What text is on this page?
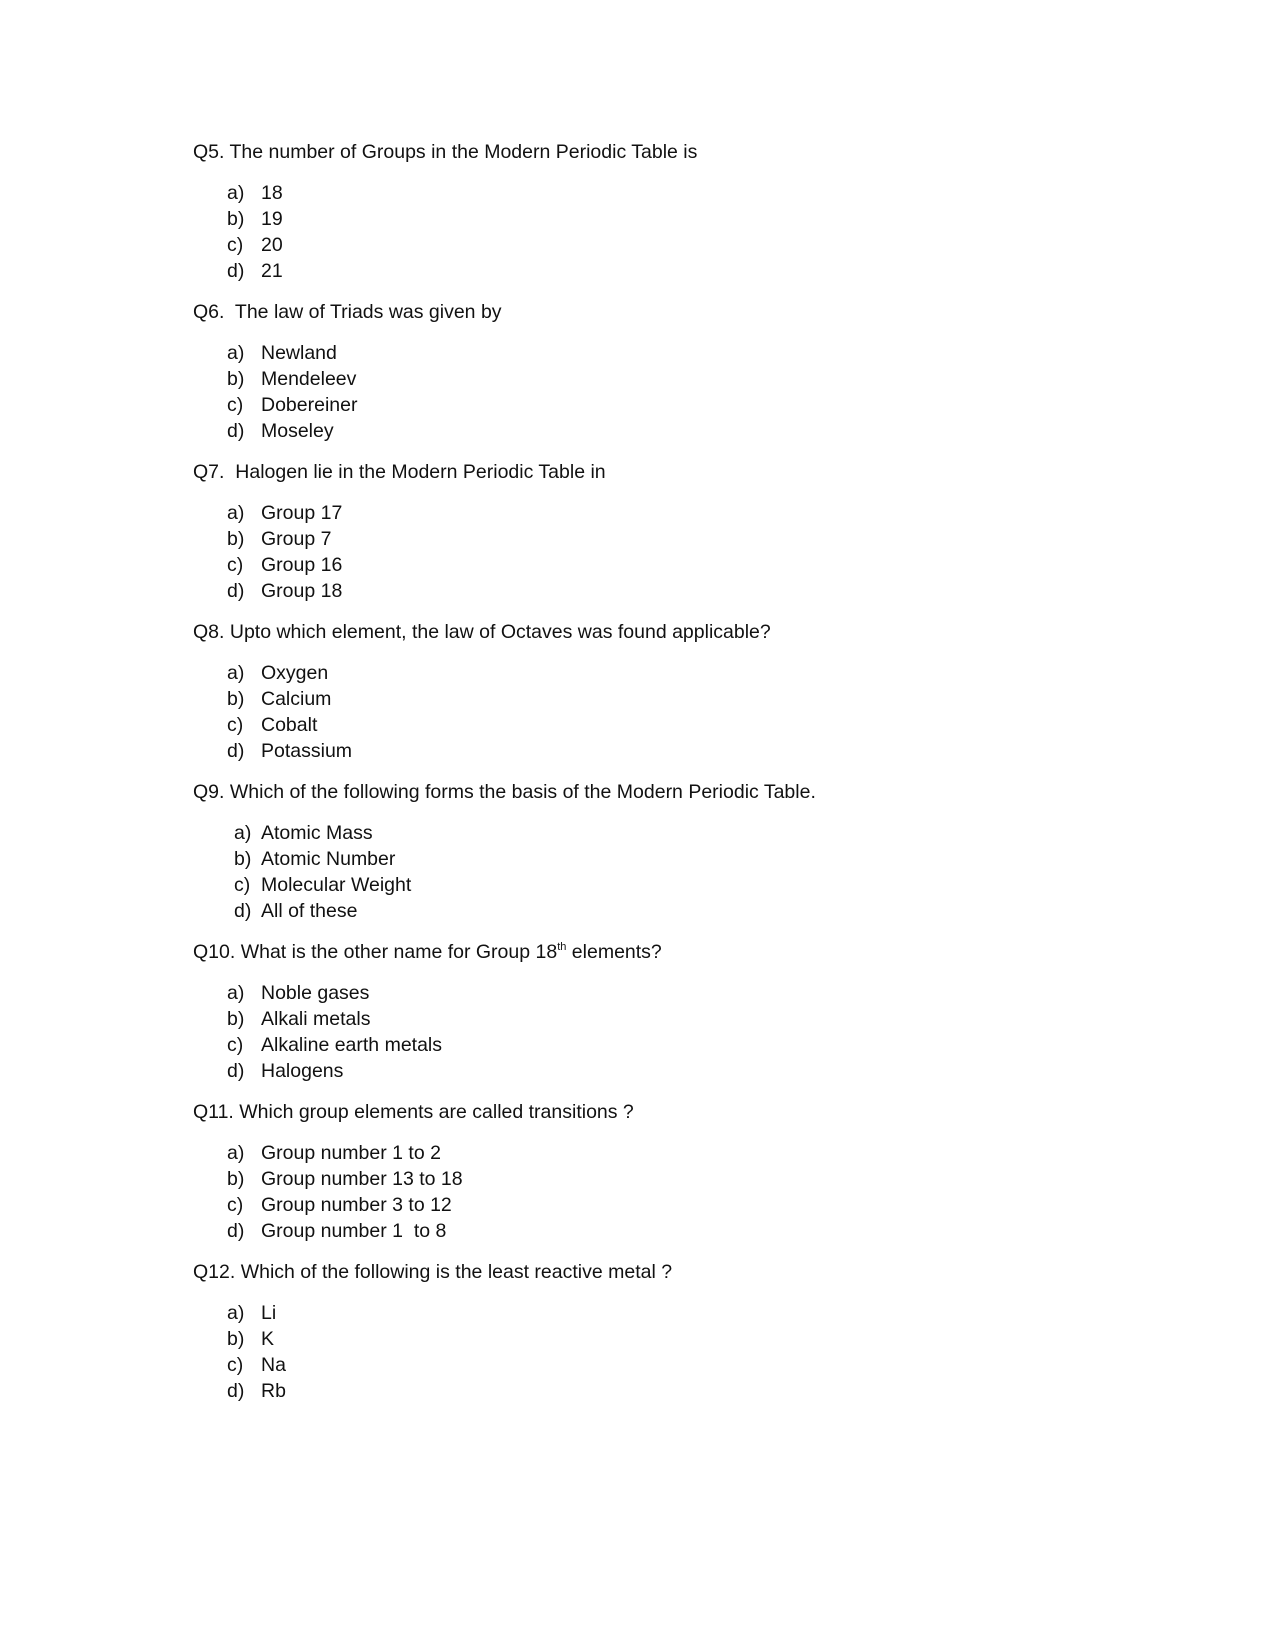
Q5. The number of Groups in the Modern Periodic Table is

a) 18
b) 19
c) 20
d) 21

Q6.  The law of Triads was given by

a) Newland
b) Mendeleev
c) Dobereiner
d) Moseley

Q7.  Halogen lie in the Modern Periodic Table in

a) Group 17
b) Group 7
c) Group 16
d) Group 18

Q8. Upto which element, the law of Octaves was found applicable?

a) Oxygen
b) Calcium
c) Cobalt
d) Potassium

Q9. Which of the following forms the basis of the Modern Periodic Table.

a) Atomic Mass
b) Atomic Number
c) Molecular Weight
d) All of these

Q10. What is the other name for Group 18th elements?

a) Noble gases
b) Alkali metals
c) Alkaline earth metals
d) Halogens

Q11. Which group elements are called transitions ?

a) Group number 1 to 2
b) Group number 13 to 18
c) Group number 3 to 12
d) Group number 1  to 8

Q12. Which of the following is the least reactive metal ?

a) Li
b) K
c) Na
d) Rb
